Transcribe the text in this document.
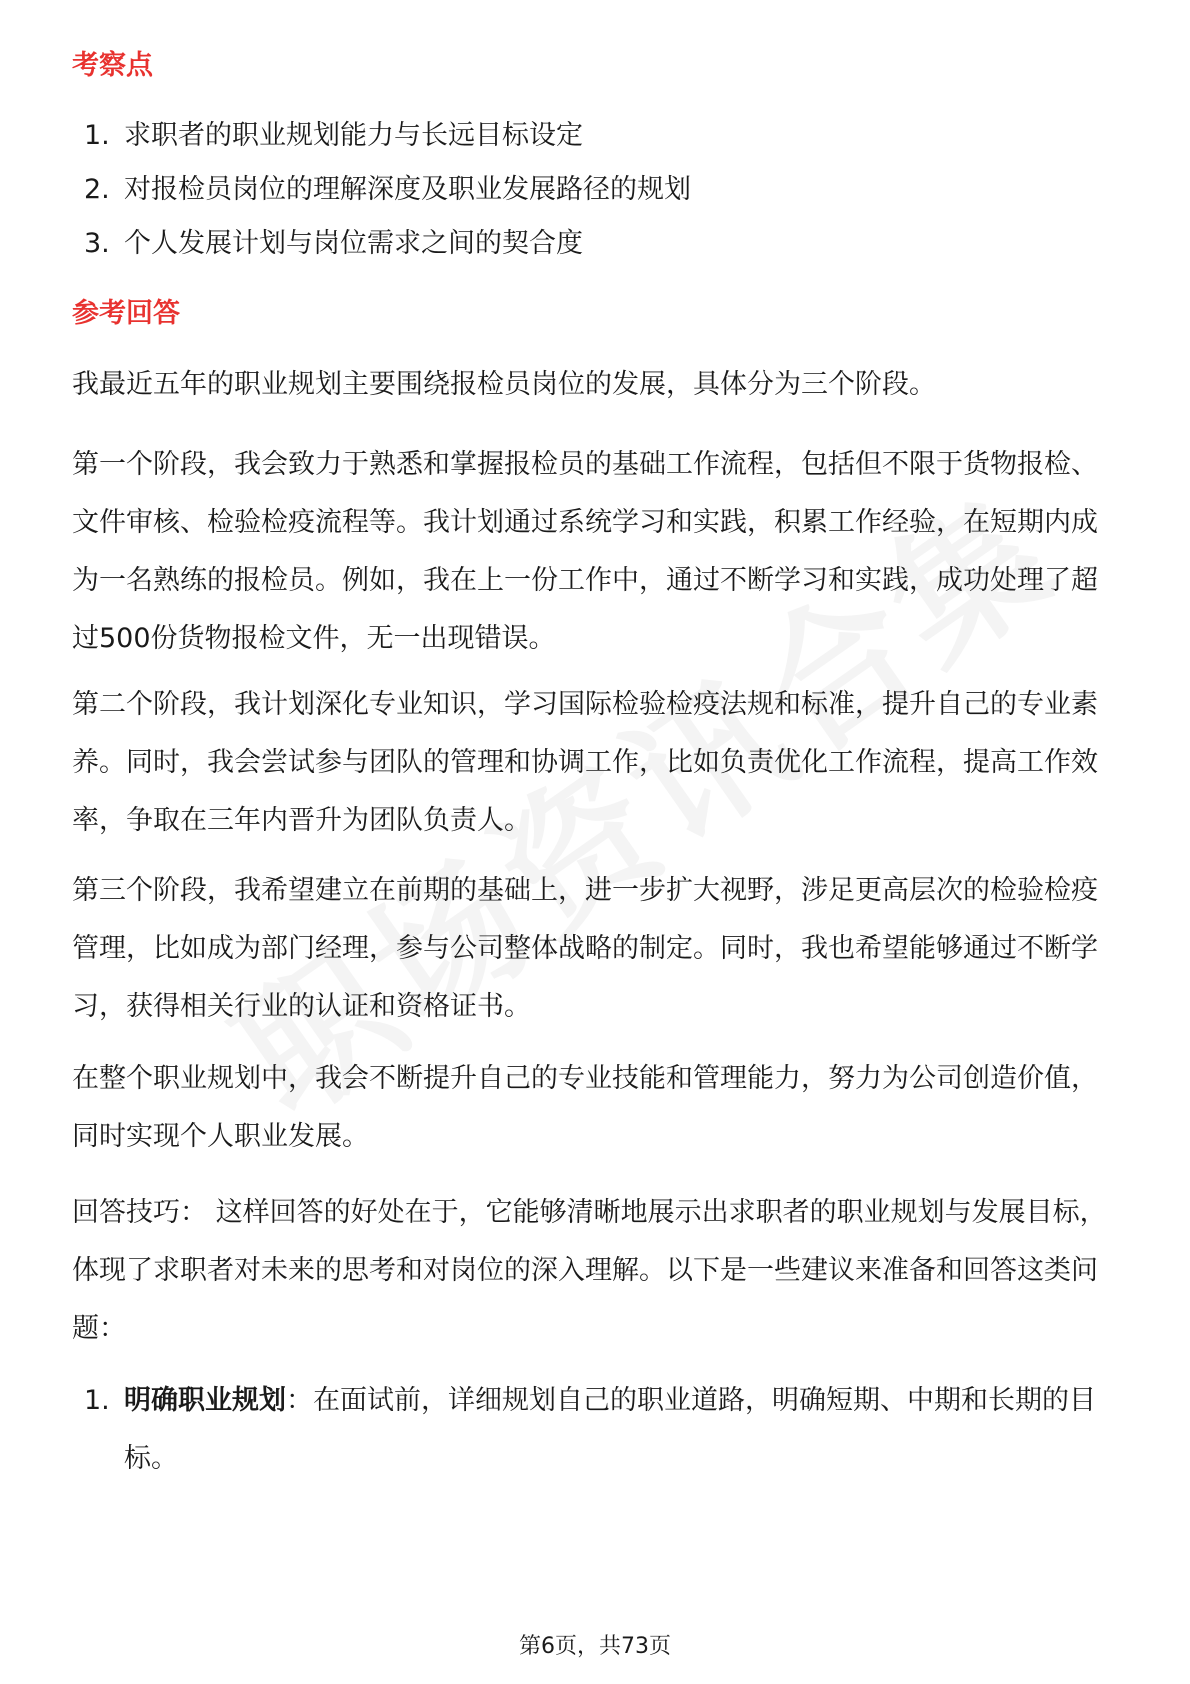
考察点
1. 求职者的职业规划能力与长远目标设定
2. 对报检员岗位的理解深度及职业发展路径的规划
3. 个人发展计划与岗位需求之间的契合度
参考回答

我最近五年的职业规划主要围绕报检员岗位的发展，具体分为三个阶段。

第一个阶段，我会致力于熟悉和掌握报检员的基础工作流程，包括但不限于货物报检、文件审核、检验检疫流程等。我计划通过系统学习和实践，积累工作经验，在短期内成为一名熟练的报检员。例如，我在上一份工作中，通过不断学习和实践，成功处理了超过500份货物报检文件，无一出现错误。

第二个阶段，我计划深化专业知识，学习国际检验检疫法规和标准，提升自己的专业素养。同时，我会尝试参与团队的管理和协调工作，比如负责优化工作流程，提高工作效率，争取在三年内晋升为团队负责人。

第三个阶段，我希望建立在前期的基础上，进一步扩大视野，涉足更高层次的检验检疫管理，比如成为部门经理，参与公司整体战略的制定。同时，我也希望能够通过不断学习，获得相关行业的认证和资格证书。

在整个职业规划中，我会不断提升自己的专业技能和管理能力，努力为公司创造价值，同时实现个人职业发展。

回答技巧： 这样回答的好处在于，它能够清晰地展示出求职者的职业规划与发展目标，体现了求职者对未来的思考和对岗位的深入理解。以下是一些建议来准备和回答这类问题：

1. 明确职业规划：在面试前，详细规划自己的职业道路，明确短期、中期和长期的目标。
第6页，共73页
